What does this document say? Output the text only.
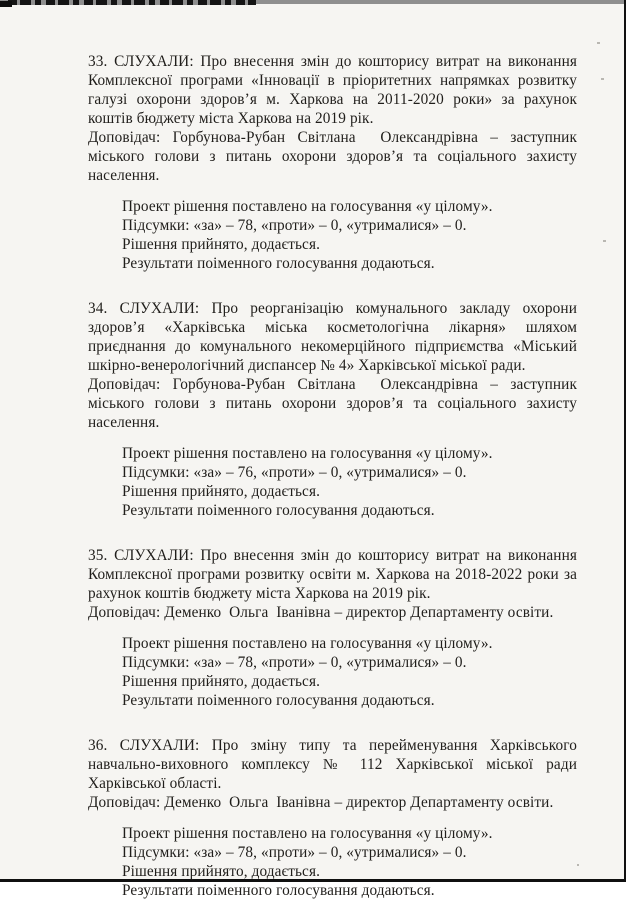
33. СЛУХАЛИ: Про внесення змін до кошторису витрат на виконання Комплексної програми «Інновації в пріоритетних напрямках розвитку галузі охорони здоров’я м. Харкова на 2011-2020 роки» за рахунок коштів бюджету міста Харкова на 2019 рік.

Доповідач: Горбунова-Рубан Світлана  Олександрівна – заступник міського голови з питань охорони здоров’я та соціального захисту населення.

Проект рішення поставлено на голосування «у цілому».
Підсумки: «за» – 78, «проти» – 0, «утрималися» – 0.
Рішення прийнято, додається.
Результати поіменного голосування додаються.

34. СЛУХАЛИ: Про реорганізацію комунального закладу охорони здоров’я «Харківська міська косметологічна лікарня» шляхом приєднання до комунального некомерційного підприємства «Міський шкірно-венерологічний диспансер № 4» Харківської міської ради.

Доповідач: Горбунова-Рубан Світлана  Олександрівна – заступник міського голови з питань охорони здоров’я та соціального захисту населення.

Проект рішення поставлено на голосування «у цілому».
Підсумки: «за» – 76, «проти» – 0, «утрималися» – 0.
Рішення прийнято, додається.
Результати поіменного голосування додаються.

35. СЛУХАЛИ: Про внесення змін до кошторису витрат на виконання Комплексної програми розвитку освіти м. Харкова на 2018-2022 роки за рахунок коштів бюджету міста Харкова на 2019 рік.

Доповідач: Деменко  Ольга  Іванівна – директор Департаменту освіти.

Проект рішення поставлено на голосування «у цілому».
Підсумки: «за» – 78, «проти» – 0, «утрималися» – 0.
Рішення прийнято, додається.
Результати поіменного голосування додаються.

36. СЛУХАЛИ: Про зміну типу та перейменування Харківського навчально-виховного комплексу № 112 Харківської міської ради Харківської області.

Доповідач: Деменко  Ольга  Іванівна – директор Департаменту освіти.

Проект рішення поставлено на голосування «у цілому».
Підсумки: «за» – 78, «проти» – 0, «утрималися» – 0.
Рішення прийнято, додається.
Результати поіменного голосування додаються.
